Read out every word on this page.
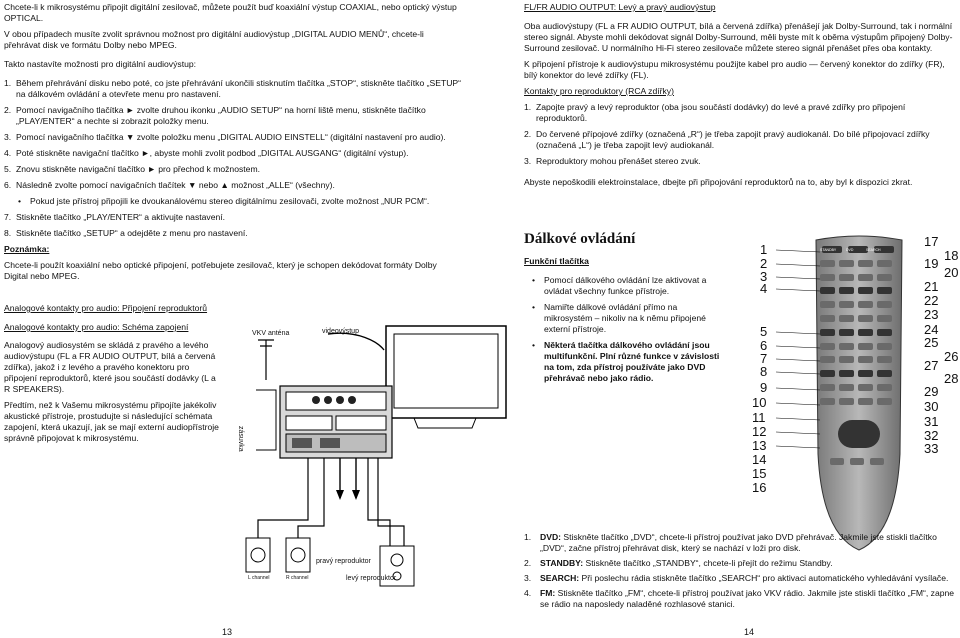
Chcete-li k mikrosystému připojit digitální zesilovač, můžete použít buď koaxiální výstup COAXIAL, nebo optický výstup OPTICAL.

V obou případech musíte zvolit správnou možnost pro digitální audiovýstup „DIGITAL AUDIO MENŮ“, chcete-li přehrávat disk ve formátu Dolby nebo MPEG.

Takto nastavíte možnosti pro digitální audiovýstup:

1. Během přehrávání disku nebo poté, co jste přehrávání ukončili stisknutím tlačítka „STOP“, stiskněte tlačítko „SETUP“ na dálkovém ovládání a otevřete menu pro nastavení.
2. Pomocí navigačního tlačítka ► zvolte druhou ikonku „AUDIO SETUP“ na horní liště menu, stiskněte tlačítko „PLAY/ENTER“ a nechte si zobrazit položky menu.
3. Pomocí navigačního tlačítka ▼ zvolte položku menu „DIGITAL AUDIO EINSTELL“ (digitální nastavení pro audio).
4. Poté stiskněte navigační tlačítko ►, abyste mohli zvolit podbod „DIGITAL AUSGANG“ (digitální výstup).
5. Znovu stiskněte navigační tlačítko ► pro přechod k možnostem.
6. Následně zvolte pomocí navigačních tlačítek ▼ nebo ▲ možnost „ALLE“ (všechny).
•	Pokud jste přístroj připojili ke dvoukanálovému stereo digitálnímu zesilovači, zvolte možnost „NUR PCM“.
7. Stiskněte tlačítko „PLAY/ENTER“ a aktivujte nastavení.
8. Stiskněte tlačítko „SETUP“ a odejděte z menu pro nastavení.

Poznámka:

Chcete-li použít koaxiální nebo optické připojení, potřebujete zesilovač, který je schopen dekódovat formáty Dolby Digital nebo MPEG.

Analogové kontakty pro audio: Připojení reproduktorů

Analogové kontakty pro audio: Schéma zapojení

Analogový audiosystém se skládá z pravého a levého audiovýstupu (FL a FR AUDIO OUTPUT, bílá a červená zdířka), jakož i z levého a pravého konektoru pro připojení reproduktorů, které jsou součástí dodávky (L a R SPEAKERS).

Předtím, než k Vašemu mikrosystému připojíte jakékoliv akustické přístroje, prostudujte si následující schémata zapojení, která ukazují, jak se mají externí audiopřístroje správně připojovat k mikrosystému.

VKV anténa	videovýstup
zásuvka
L channel	R channel
pravý reproduktor
levý reproduktor
13

FL/FR AUDIO OUTPUT: Levý a pravý audiovýstup

Oba audiovýstupy (FL a FR AUDIO OUTPUT, bílá a červená zdířka) přenášejí jak Dolby-Surround, tak i normální stereo signál. Abyste mohli dekódovat signál Dolby-Surround, měli byste mít k oběma výstupům připojený Dolby-Surround zesilovač. U normálního Hi-Fi stereo zesilovače můžete stereo signál přenášet přes oba kontakty.

K připojení přístroje k audiovýstupu mikrosystému použijte kabel pro audio — červený konektor do zdířky (FR), bílý konektor do levé zdířky (FL).

Kontakty pro reproduktory (RCA zdířky)

1. Zapojte pravý a levý reproduktor (oba jsou součástí dodávky) do levé a pravé zdířky pro připojení reproduktorů.
2. Do červené přípojové zdířky (označená „R“) je třeba zapojit pravý audiokanál. Do bílé připojovací zdířky (označená „L“) je třeba zapojit levý audiokanál.
3. Reproduktory mohou přenášet stereo zvuk.

Abyste nepoškodili elektroinstalace, dbejte při připojování reproduktorů na to, aby byl k dispozici zkrat.

Dálkové ovládání

Funkční tlačítka

•	Pomocí dálkového ovládání lze aktivovat a ovládat všechny funkce přístroje.
•	Namiřte dálkové ovládání přímo na mikrosystém – nikoliv na k němu připojené externí přístroje.
•	Některá tlačítka dálkového ovládání jsou multifunkční. Plní různé funkce v závislosti na tom, zda přístroj používáte jako DVD přehrávač nebo jako rádio.
1
2
3
4
5
6
7
8
9
10
11
12
13
14
15
16
17
18
19
20
21
22
23
24
25
26
27
28
29
30
31
32
33
STANDBY	DVD	SEARCH
1.	DVD: Stiskněte tlačítko „DVD“, chcete-li přístroj používat jako DVD přehrávač. Jakmile jste stiskli tlačítko „DVD“, začne přístroj přehrávat disk, který se nachází v loži pro disk.
2.	STANDBY: Stiskněte tlačítko „STANDBY“, chcete-li přejít do režimu Standby.
3.	SEARCH: Při poslechu rádia stiskněte tlačítko „SEARCH“ pro aktivaci automatického vyhledávání vysílače.
4.	FM: Stiskněte tlačítko „FM“, chcete-li přístroj používat jako VKV rádio. Jakmile jste stiskli tlačítko „FM“, zapne se rádio na naposledy naladěné rozhlasové stanici.
14
